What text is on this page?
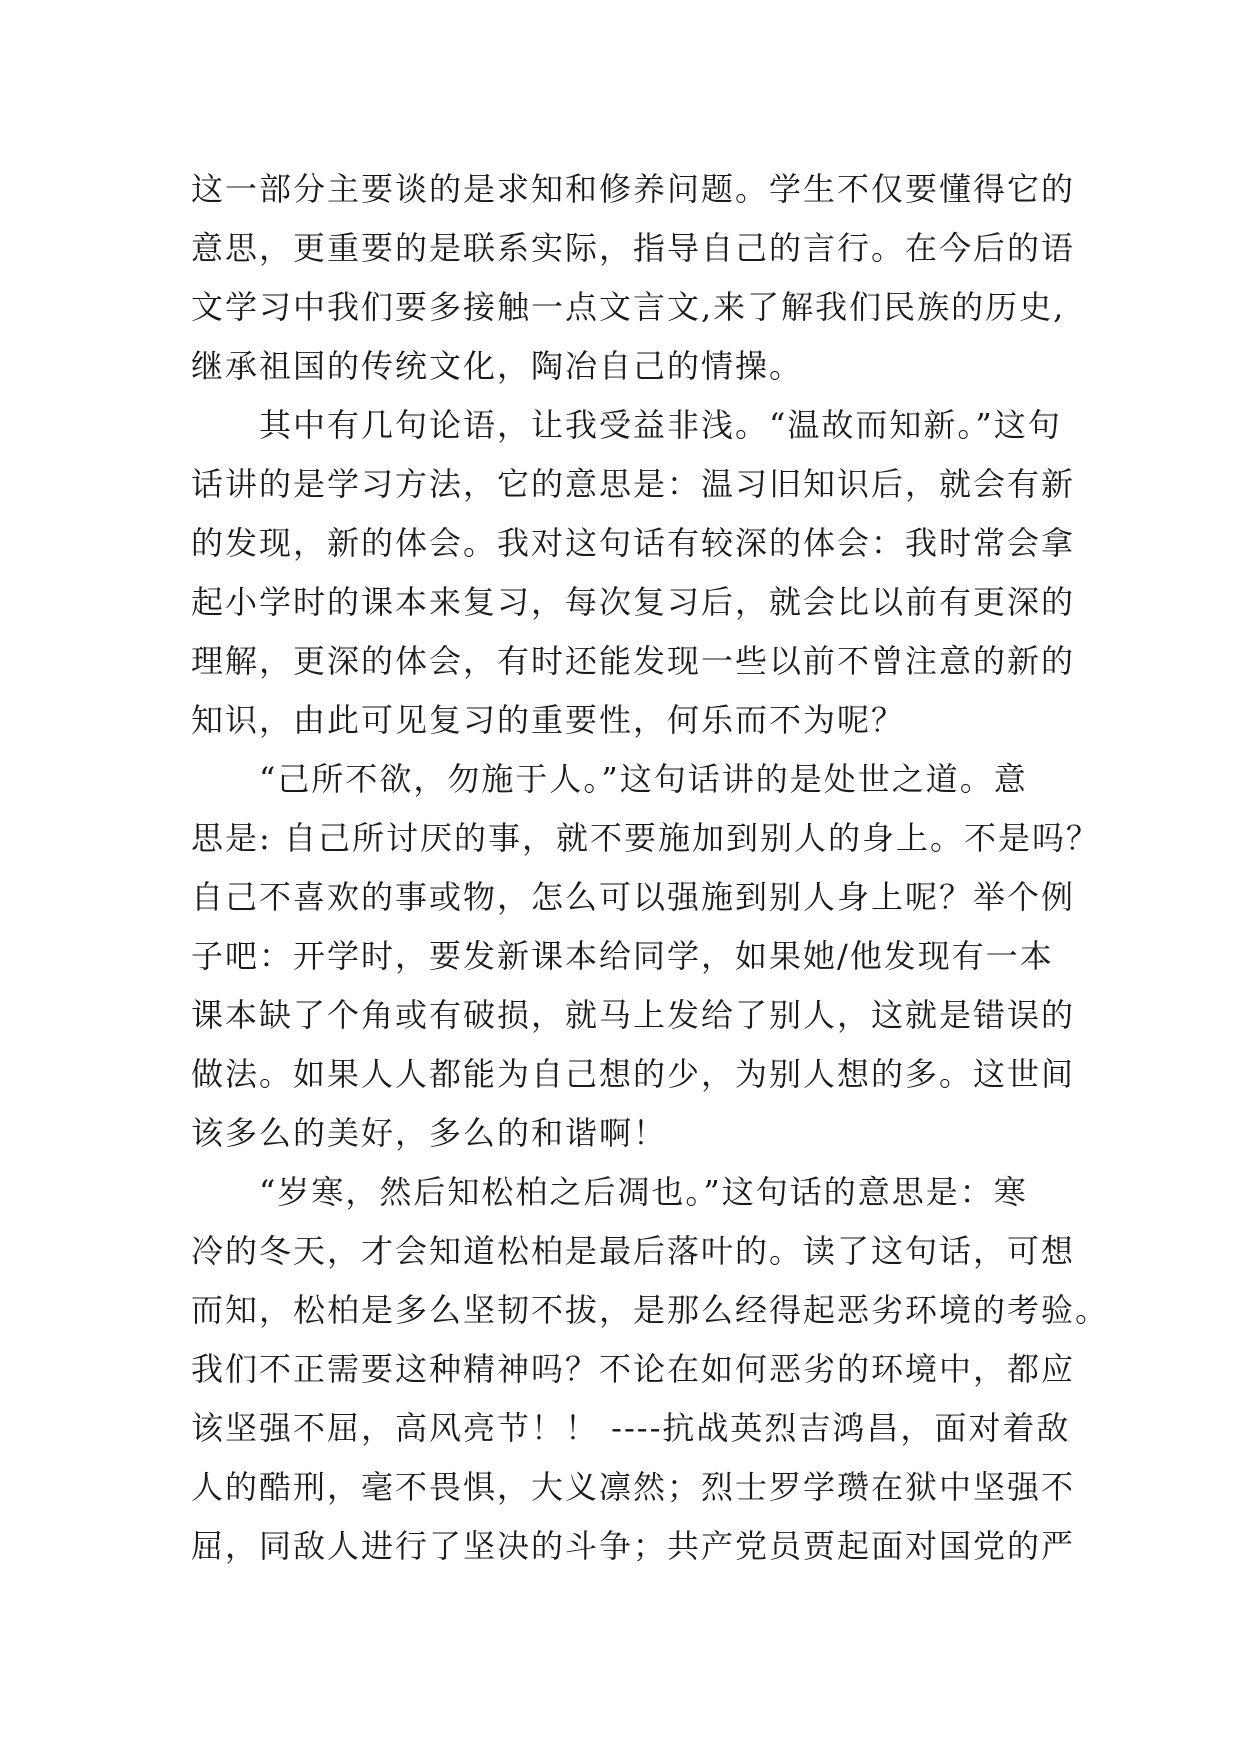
这一部分主要谈的是求知和修养问题。学生不仅要懂得它的
意思，更重要的是联系实际，指导自己的言行。在今后的语
文学习中我们要多接触一点文言文,来了解我们民族的历史,
继承祖国的传统文化，陶冶自己的情操。
　　其中有几句论语，让我受益非浅。“温故而知新。”这句
话讲的是学习方法，它的意思是：温习旧知识后，就会有新
的发现，新的体会。我对这句话有较深的体会：我时常会拿
起小学时的课本来复习，每次复习后，就会比以前有更深的
理解，更深的体会，有时还能发现一些以前不曾注意的新的
知识，由此可见复习的重要性，何乐而不为呢？
　　“己所不欲，勿施于人。”这句话讲的是处世之道。意
思是: 自己所讨厌的事，就不要施加到别人的身上。不是吗？
自己不喜欢的事或物，怎么可以强施到别人身上呢？举个例
子吧：开学时，要发新课本给同学，如果她/他发现有一本
课本缺了个角或有破损，就马上发给了别人，这就是错误的
做法。如果人人都能为自己想的少，为别人想的多。这世间
该多么的美好，多么的和谐啊！
　　“岁寒，然后知松柏之后凋也。”这句话的意思是：寒
冷的冬天，才会知道松柏是最后落叶的。读了这句话，可想
而知，松柏是多么坚韧不拔，是那么经得起恶劣环境的考验。
我们不正需要这种精神吗？不论在如何恶劣的环境中，都应
该坚强不屈，高风亮节！！ ----抗战英烈吉鸿昌，面对着敌
人的酷刑，毫不畏惧，大义凛然；烈士罗学瓒在狱中坚强不
屈，同敌人进行了坚决的斗争；共产党员贾起面对国党的严
